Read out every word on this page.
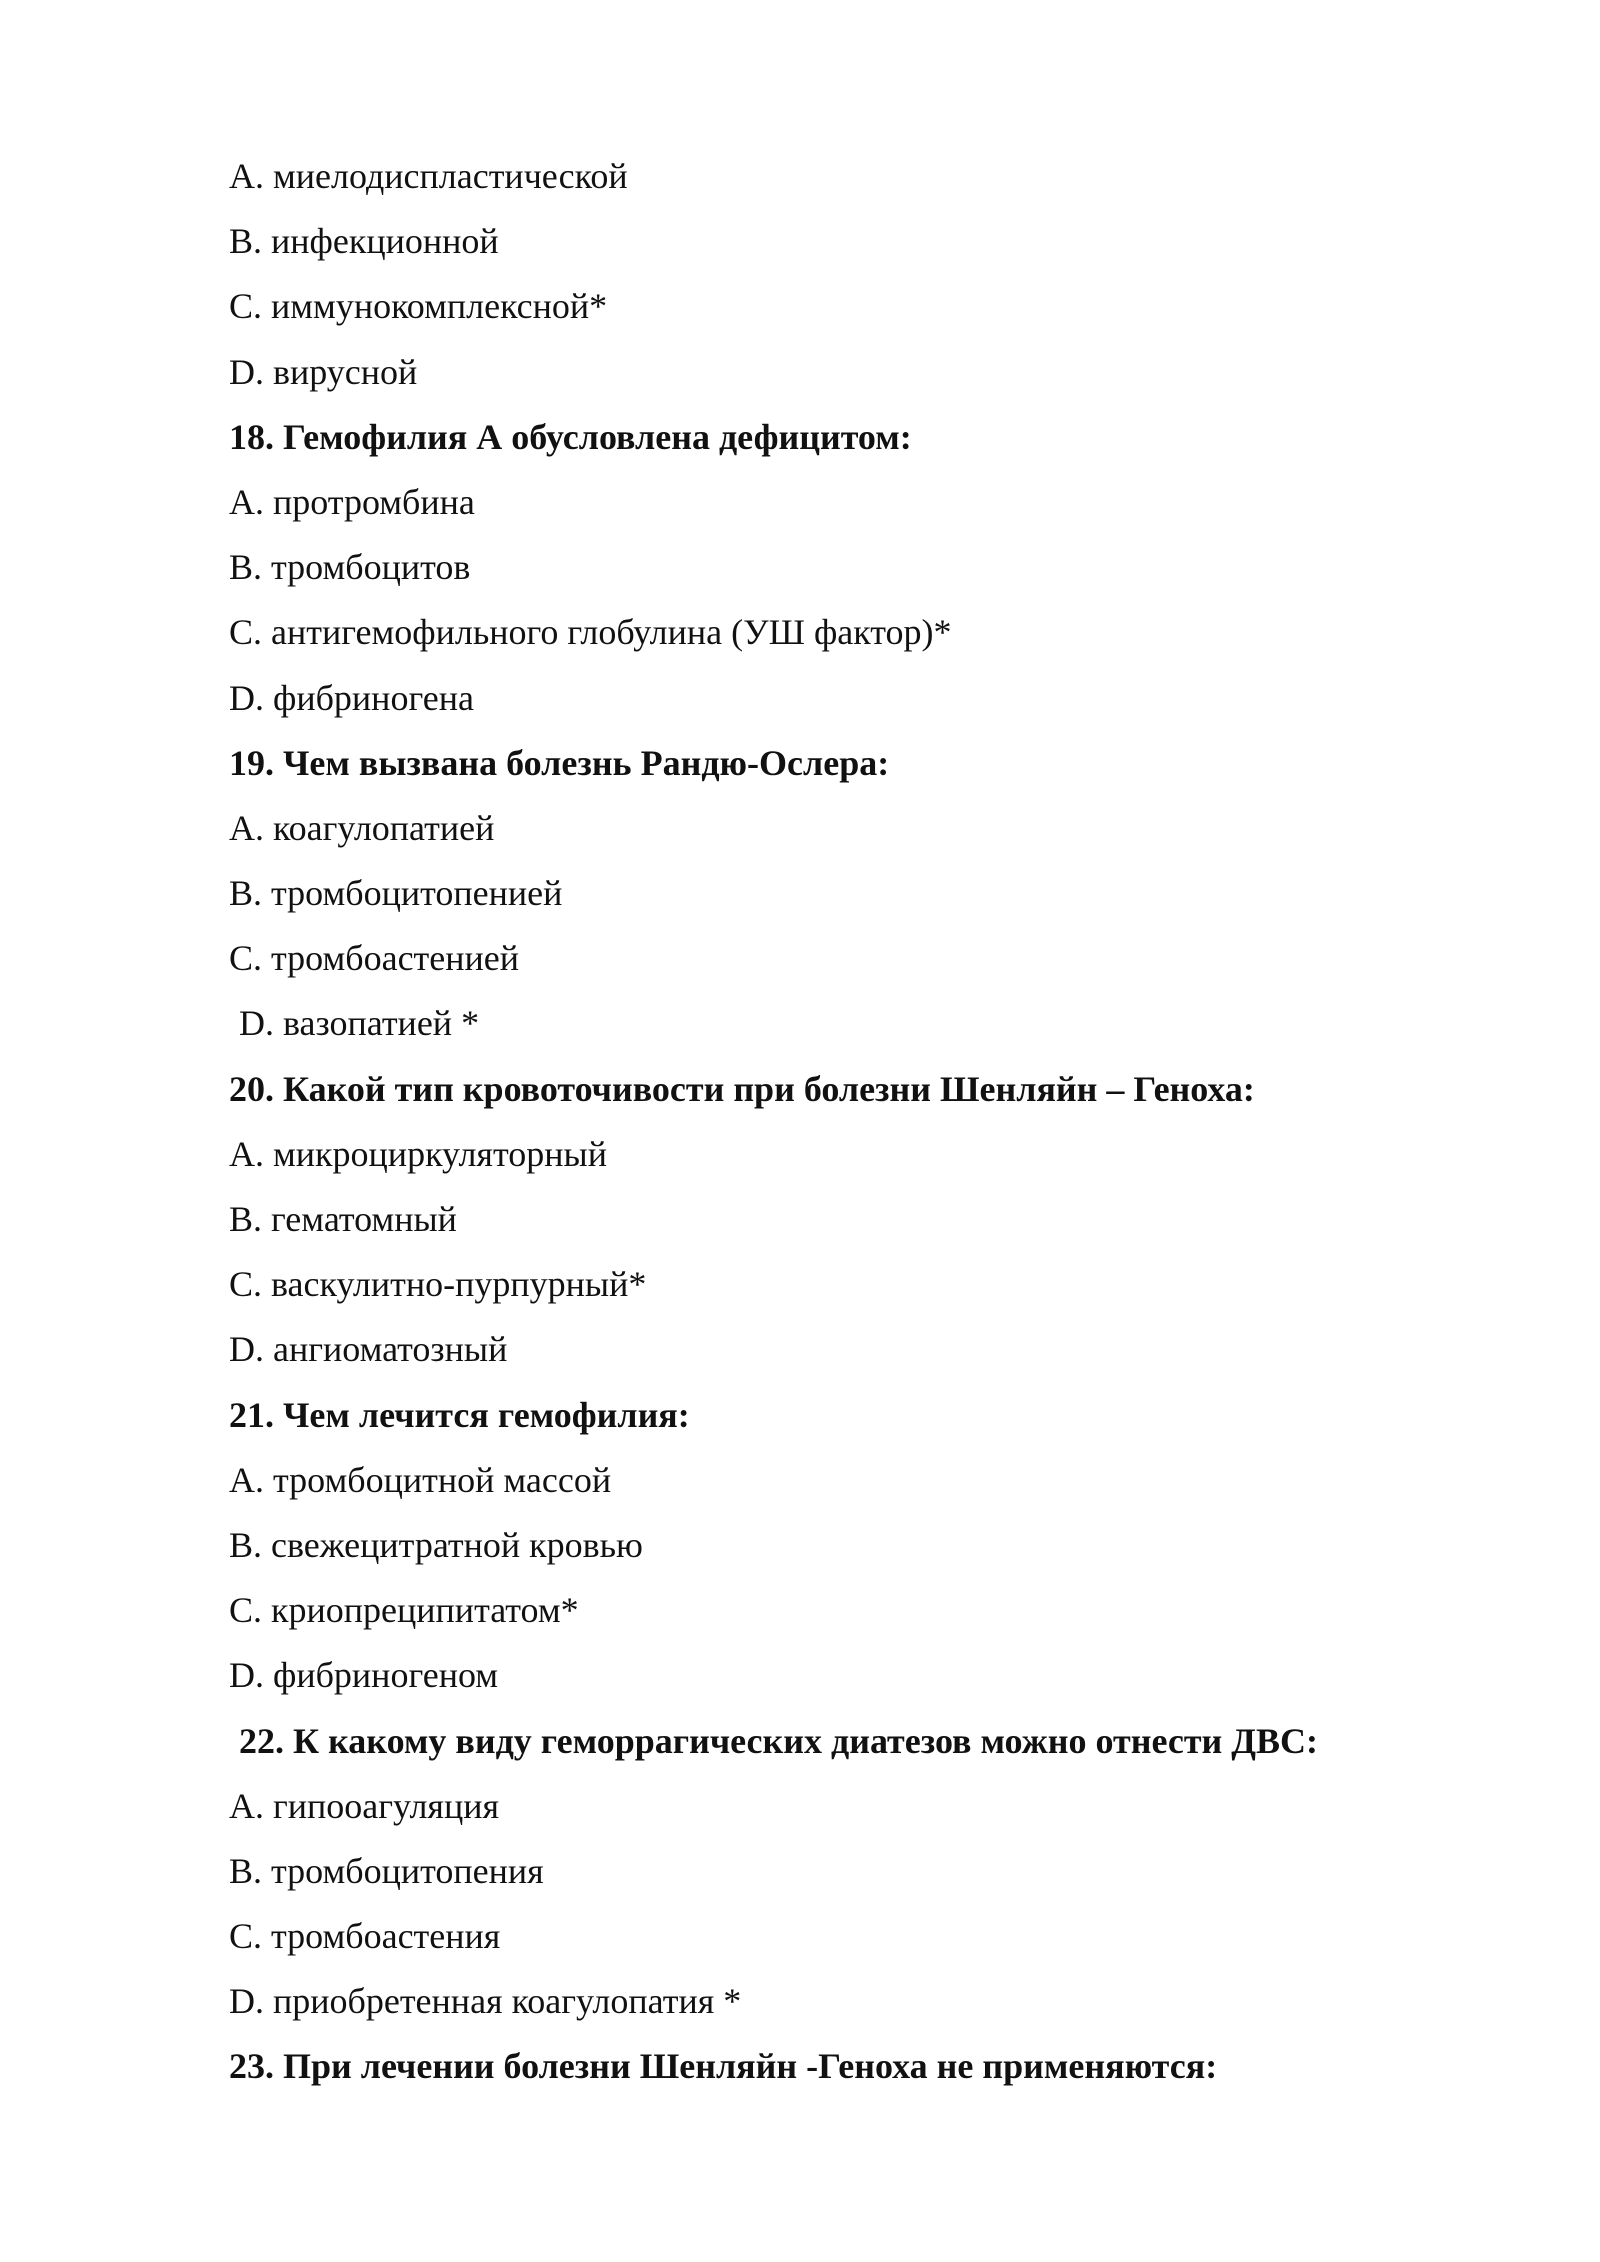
А. миелодиспластической
B. инфекционной
C. иммунокомплексной*
D. вирусной
18. Гемофилия А обусловлена дефицитом:
А. протромбина
B. тромбоцитов
C. антигемофильного глобулина (УШ фактор)*
D. фибриногена
19. Чем вызвана болезнь Рандю-Ослера:
A. коагулопатией
B. тромбоцитопенией
C. тромбоастенией
D. вазопатией *
20. Какой тип кровоточивости при болезни Шенляйн – Геноха:
A. микроциркуляторный
B. гематомный
C. васкулитно-пурпурный*
D. ангиоматозный
21. Чем лечится гемофилия:
A. тромбоцитной массой
B. свежецитратной кровью
C. криопреципитатом*
D. фибриногеном
22. К какому виду геморрагических диатезов можно отнести ДВС:
A. гипооагуляция
B. тромбоцитопения
C. тромбоастения
D. приобретенная коагулопатия *
23. При лечении болезни Шенляйн -Геноха не применяются:
